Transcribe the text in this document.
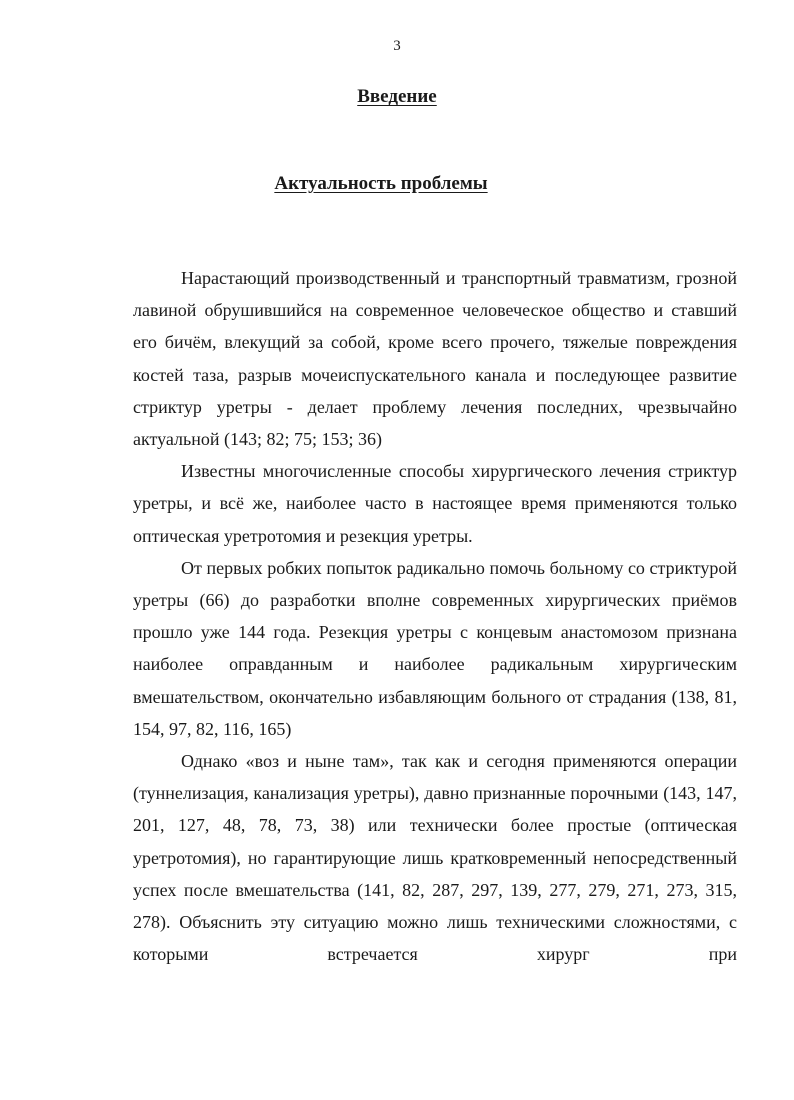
3
Введение
Актуальность проблемы

Нарастающий производственный и транспортный травматизм, грозной лавиной обрушившийся на современное человеческое общество и ставший его бичём, влекущий за собой, кроме всего прочего, тяжелые повреждения костей таза, разрыв мочеиспускательного канала и последующее развитие стриктур уретры - делает проблему лечения последних, чрезвычайно актуальной (143; 82; 75; 153; 36)

Известны многочисленные способы хирургического лечения стриктур уретры, и всё же, наиболее часто в настоящее время применяются только оптическая уретротомия и резекция уретры.

От первых робких попыток радикально помочь больному со стриктурой уретры (66) до разработки вполне современных хирургических приёмов прошло уже 144 года. Резекция уретры с концевым анастомозом признана наиболее оправданным и наиболее радикальным хирургическим вмешательством, окончательно избавляющим больного от страдания (138, 81, 154, 97, 82, 116, 165)

Однако «воз и ныне там», так как и сегодня применяются операции (туннелизация, канализация уретры), давно признанные порочными (143, 147, 201, 127, 48, 78, 73, 38) или технически более простые (оптическая уретротомия), но гарантирующие лишь кратковременный непосредственный успех после вмешательства (141, 82, 287, 297, 139, 277, 279, 271, 273, 315, 278). Объяснить эту ситуацию можно лишь техническими сложностями, с которыми встречается хирург при
